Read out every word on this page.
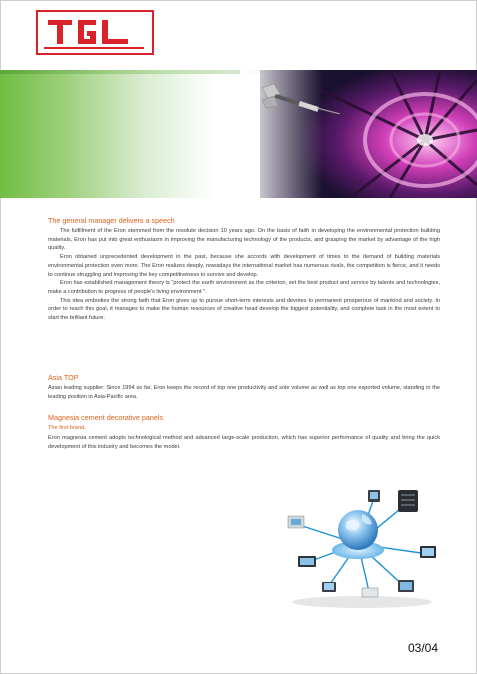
The general manager delivers a speech

The fulfillment of the Eron stemmed from the resolute decision 10 years ago. On the basis of faith in developing the environmental protection building materials, Eron has put into great enthusiasm in improving the manufacturing technology of the products, and grasping the market by advantage of the high quality.

Eron obtained unprecedented development in the past, because she accords with development of times to the demand of building materials environmental protection even more. The Eron realizes deeply, nowadays the international market has numerous rivals, the competition is fierce, and it needs to continue struggling and improving the key competitiveness to survive and develop.

Eron has established management theory is "protect the earth environment as the criterion, set the best product and service by talents and technologies, make a contribution to progress of people's living environment ".

This idea embodies the strong faith that Eron gives up to pursue short-term interests and devotes to permanent prosperous of mankind and society. In order to reach this goal, it manages to make the human resources of creative head develop the biggest potentiality, and complete task in the most extent to start the brilliant future.

Asia TOP

Asian leading supplier: Since 1994 so far, Eron keeps the record of top one productivity and sole volume as well as top one exported volume, standing in the leading position in Asia-Pacific area.

Magnesia cement decorative panels
The first brand.

Eron magnesia cement adopts technological method and advanced large-scale production, which has superior performance of quality and bring the quick development of this industry and becomes the model.

03/04
